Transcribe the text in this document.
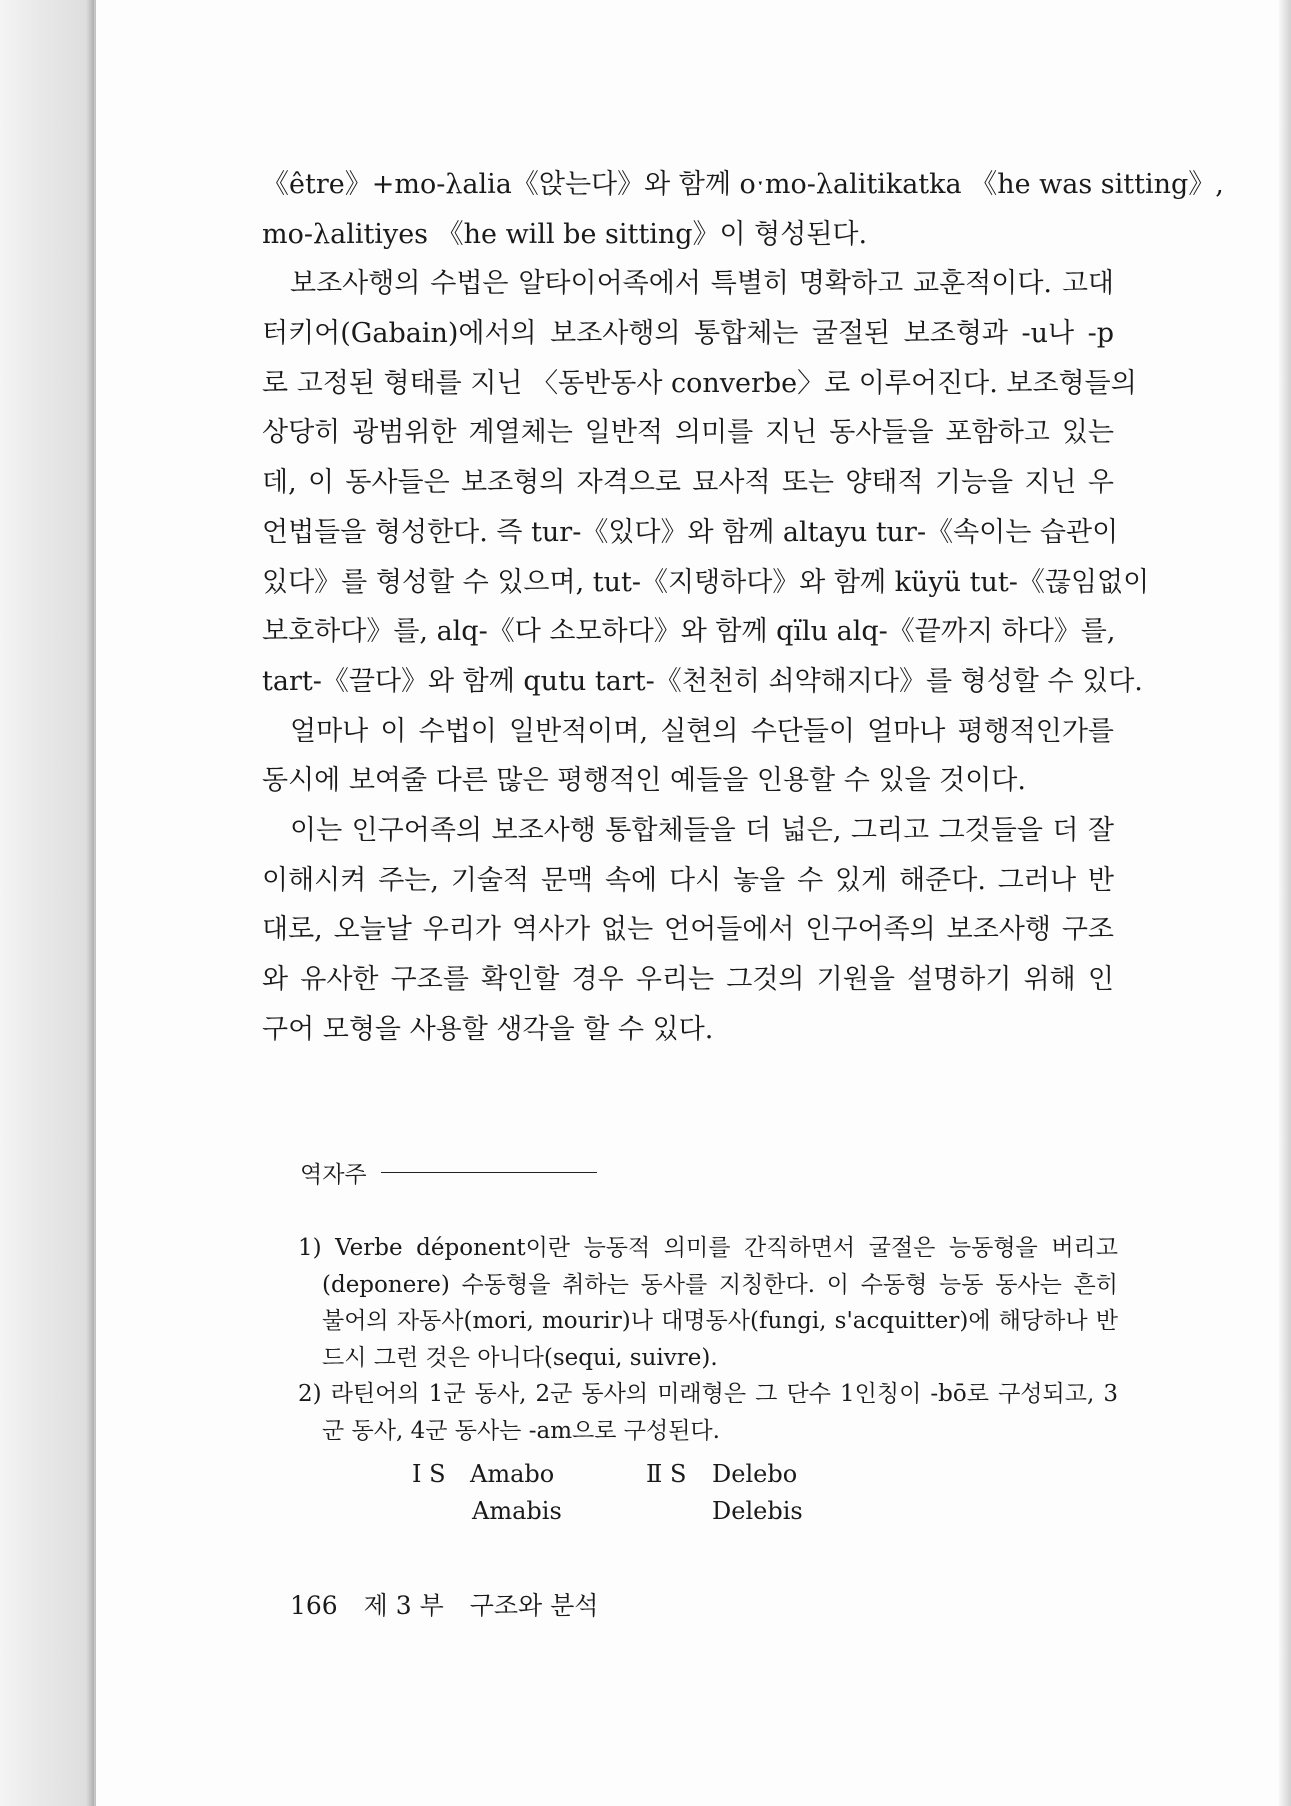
《être》+mo-λalia《앉는다》와 함께 oˑmo-λalitikatka 《he was sitting》,
mo-λalitiyes 《he will be sitting》이 형성된다.
보조사행의 수법은 알타이어족에서 특별히 명확하고 교훈적이다. 고대
터키어(Gabain)에서의 보조사행의 통합체는 굴절된 보조형과 -u나 -p
로 고정된 형태를 지닌 〈동반동사 converbe〉로 이루어진다. 보조형들의
상당히 광범위한 계열체는 일반적 의미를 지닌 동사들을 포함하고 있는
데, 이 동사들은 보조형의 자격으로 묘사적 또는 양태적 기능을 지닌 우
언법들을 형성한다. 즉 tur-《있다》와 함께 altayu tur-《속이는 습관이
있다》를 형성할 수 있으며, tut-《지탱하다》와 함께 küyü tut-《끊임없이
보호하다》를, alq-《다 소모하다》와 함께 qïlu alq-《끝까지 하다》를,
tart-《끌다》와 함께 qutu tart-《천천히 쇠약해지다》를 형성할 수 있다.
얼마나 이 수법이 일반적이며, 실현의 수단들이 얼마나 평행적인가를
동시에 보여줄 다른 많은 평행적인 예들을 인용할 수 있을 것이다.
이는 인구어족의 보조사행 통합체들을 더 넓은, 그리고 그것들을 더 잘
이해시켜 주는, 기술적 문맥 속에 다시 놓을 수 있게 해준다. 그러나 반
대로, 오늘날 우리가 역사가 없는 언어들에서 인구어족의 보조사행 구조
와 유사한 구조를 확인할 경우 우리는 그것의 기원을 설명하기 위해 인
구어 모형을 사용할 생각을 할 수 있다.
역자주
1) Verbe déponent이란 능동적 의미를 간직하면서 굴절은 능동형을 버리고
(deponere) 수동형을 취하는 동사를 지칭한다. 이 수동형 능동 동사는 흔히
불어의 자동사(mori, mourir)나 대명동사(fungi, s'acquitter)에 해당하나 반
드시 그런 것은 아니다(sequi, suivre).
2) 라틴어의 1군 동사, 2군 동사의 미래형은 그 단수 1인칭이 -bō로 구성되고, 3
군 동사, 4군 동사는 -am으로 구성된다.
Ⅰ S Amabo
Amabis
Ⅱ S Delebo
Delebis
166 제 3 부 구조와 분석
